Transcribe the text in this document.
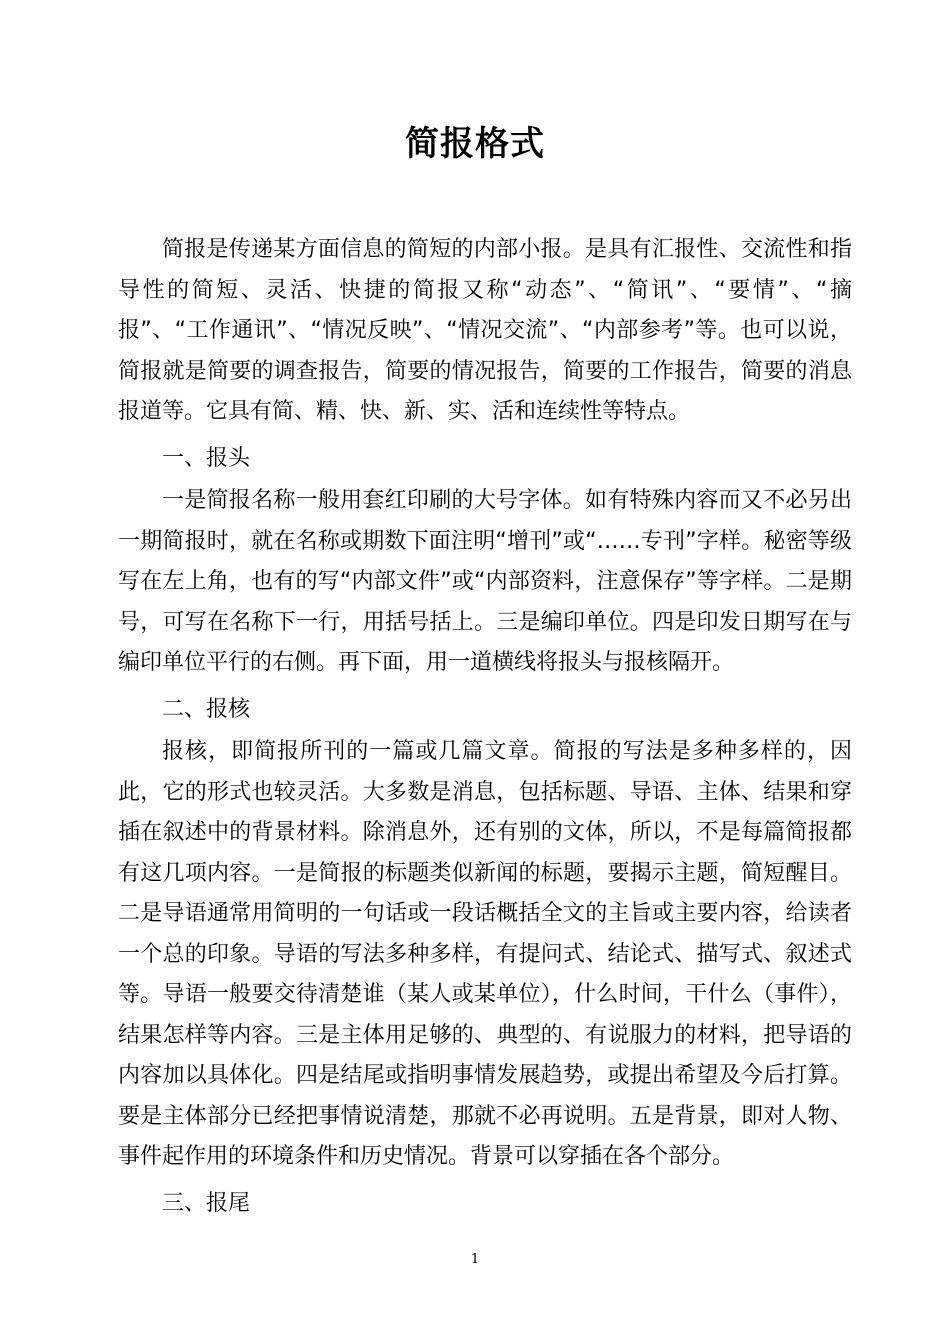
简报格式

简报是传递某方面信息的简短的内部小报。是具有汇报性、交流性和指导性的简短、灵活、快捷的简报又称“动态”、“简讯”、“要情”、“摘报”、“工作通讯”、“情况反映”、“情况交流”、“内部参考”等。也可以说，简报就是简要的调查报告，简要的情况报告，简要的工作报告，简要的消息报道等。它具有简、精、快、新、实、活和连续性等特点。

一、报头

一是简报名称一般用套红印刷的大号字体。如有特殊内容而又不必另出一期简报时，就在名称或期数下面注明“增刊”或“……专刊”字样。秘密等级写在左上角，也有的写“内部文件”或“内部资料，注意保存”等字样。二是期号，可写在名称下一行，用括号括上。三是编印单位。四是印发日期写在与编印单位平行的右侧。再下面，用一道横线将报头与报核隔开。

二、报核

报核，即简报所刊的一篇或几篇文章。简报的写法是多种多样的，因此，它的形式也较灵活。大多数是消息，包括标题、导语、主体、结果和穿插在叙述中的背景材料。除消息外，还有别的文体，所以，不是每篇简报都有这几项内容。一是简报的标题类似新闻的标题，要揭示主题，简短醒目。二是导语通常用简明的一句话或一段话概括全文的主旨或主要内容，给读者一个总的印象。导语的写法多种多样，有提问式、结论式、描写式、叙述式等。导语一般要交待清楚谁（某人或某单位），什么时间，干什么（事件），结果怎样等内容。三是主体用足够的、典型的、有说服力的材料，把导语的内容加以具体化。四是结尾或指明事情发展趋势，或提出希望及今后打算。要是主体部分已经把事情说清楚，那就不必再说明。五是背景，即对人物、事件起作用的环境条件和历史情况。背景可以穿插在各个部分。

三、报尾

1
